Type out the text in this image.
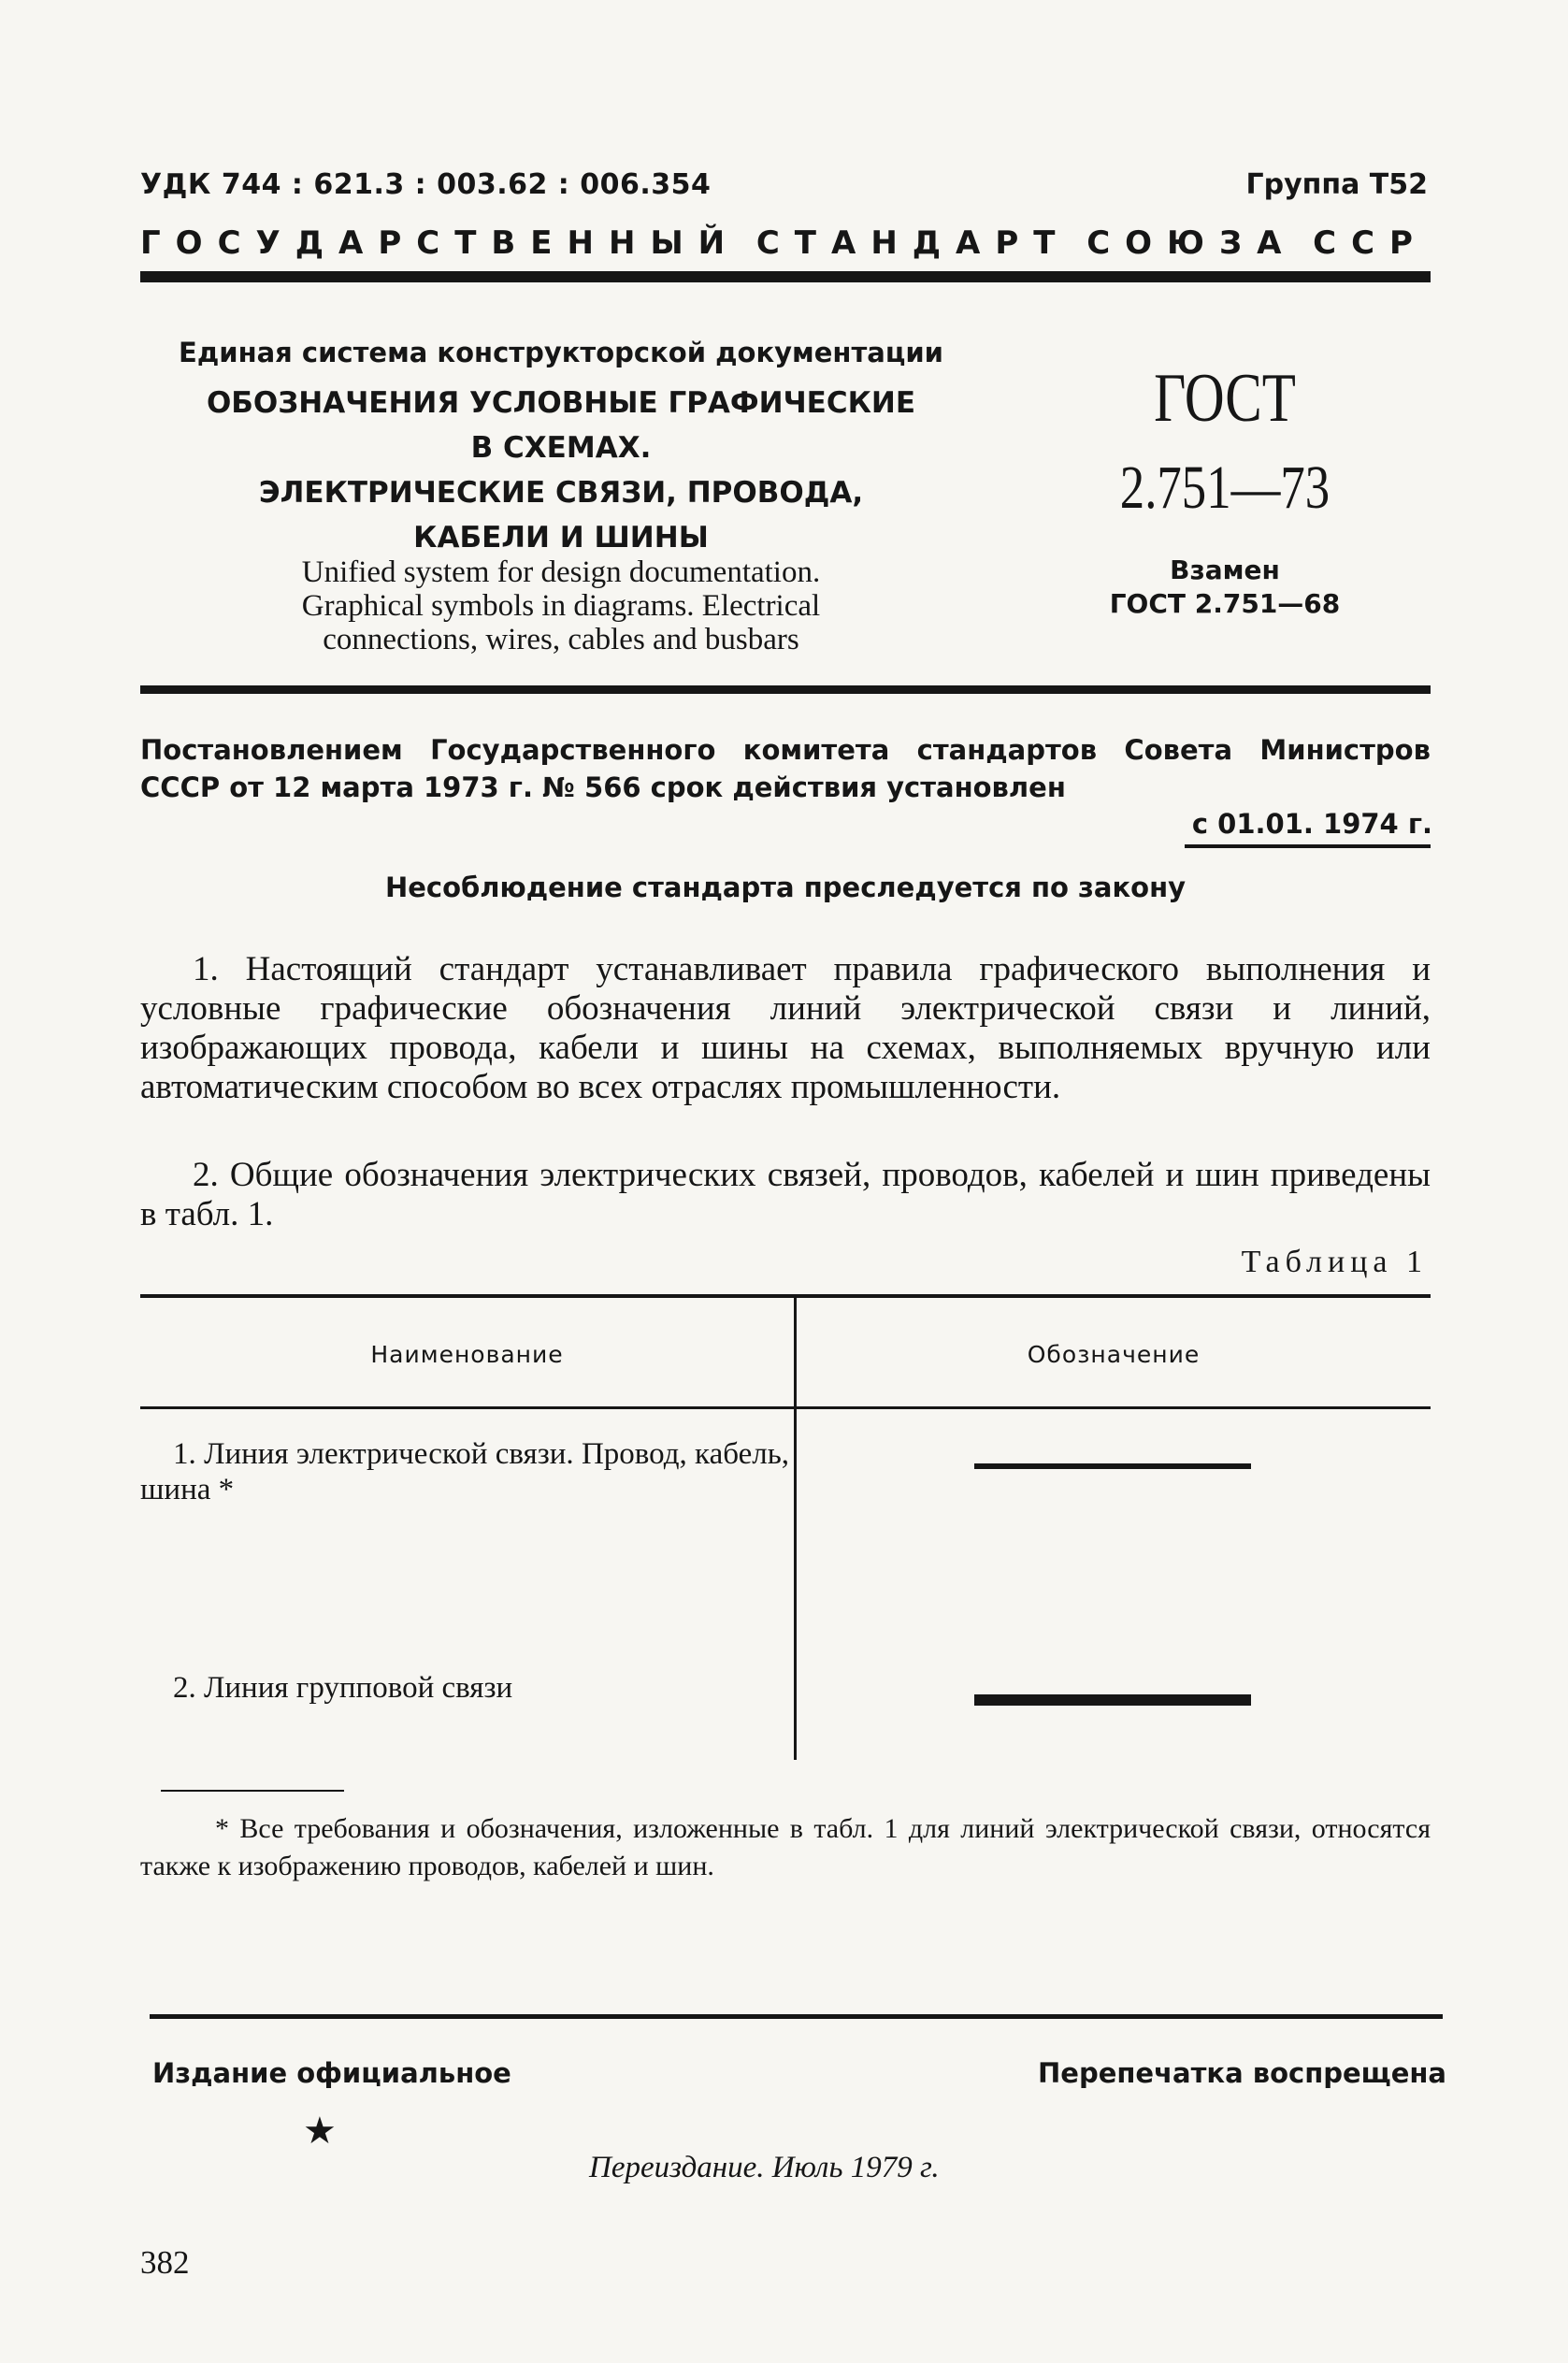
УДК 744 : 621.3 : 003.62 : 006.354	Группа Т52
ГОСУДАРСТВЕННЫЙ СТАНДАРТ СОЮЗА ССР
Единая система конструкторской документации
ОБОЗНАЧЕНИЯ УСЛОВНЫЕ ГРАФИЧЕСКИЕ
В СХЕМАХ.
ЭЛЕКТРИЧЕСКИЕ СВЯЗИ, ПРОВОДА,
КАБЕЛИ И ШИНЫ
Unified system for design documentation.
Graphical symbols in diagrams. Electrical
connections, wires, cables and busbars
ГОСТ
2.751—73
Взамен
ГОСТ 2.751—68
Постановлением Государственного комитета стандартов Совета Министров
СССР от 12 марта 1973 г. № 566 срок действия установлен
с 01.01. 1974 г.
Несоблюдение стандарта преследуется по закону

1. Настоящий стандарт устанавливает правила графического выполнения и условные графические обозначения линий электрической связи и линий, изображающих провода, кабели и шины на схемах, выполняемых вручную или автоматическим способом во всех отраслях промышленности.

2. Общие обозначения электрических связей, проводов, кабелей и шин приведены в табл. 1.

Таблица 1
Наименование	Обозначение
1. Линия электрической связи. Провод, кабель, шина *
2. Линия групповой связи

* Все требования и обозначения, изложенные в табл. 1 для линий электрической связи, относятся также к изображению проводов, кабелей и шин.

Издание официальное	Перепечатка воспрещена
★
Переиздание. Июль 1979 г.
382
